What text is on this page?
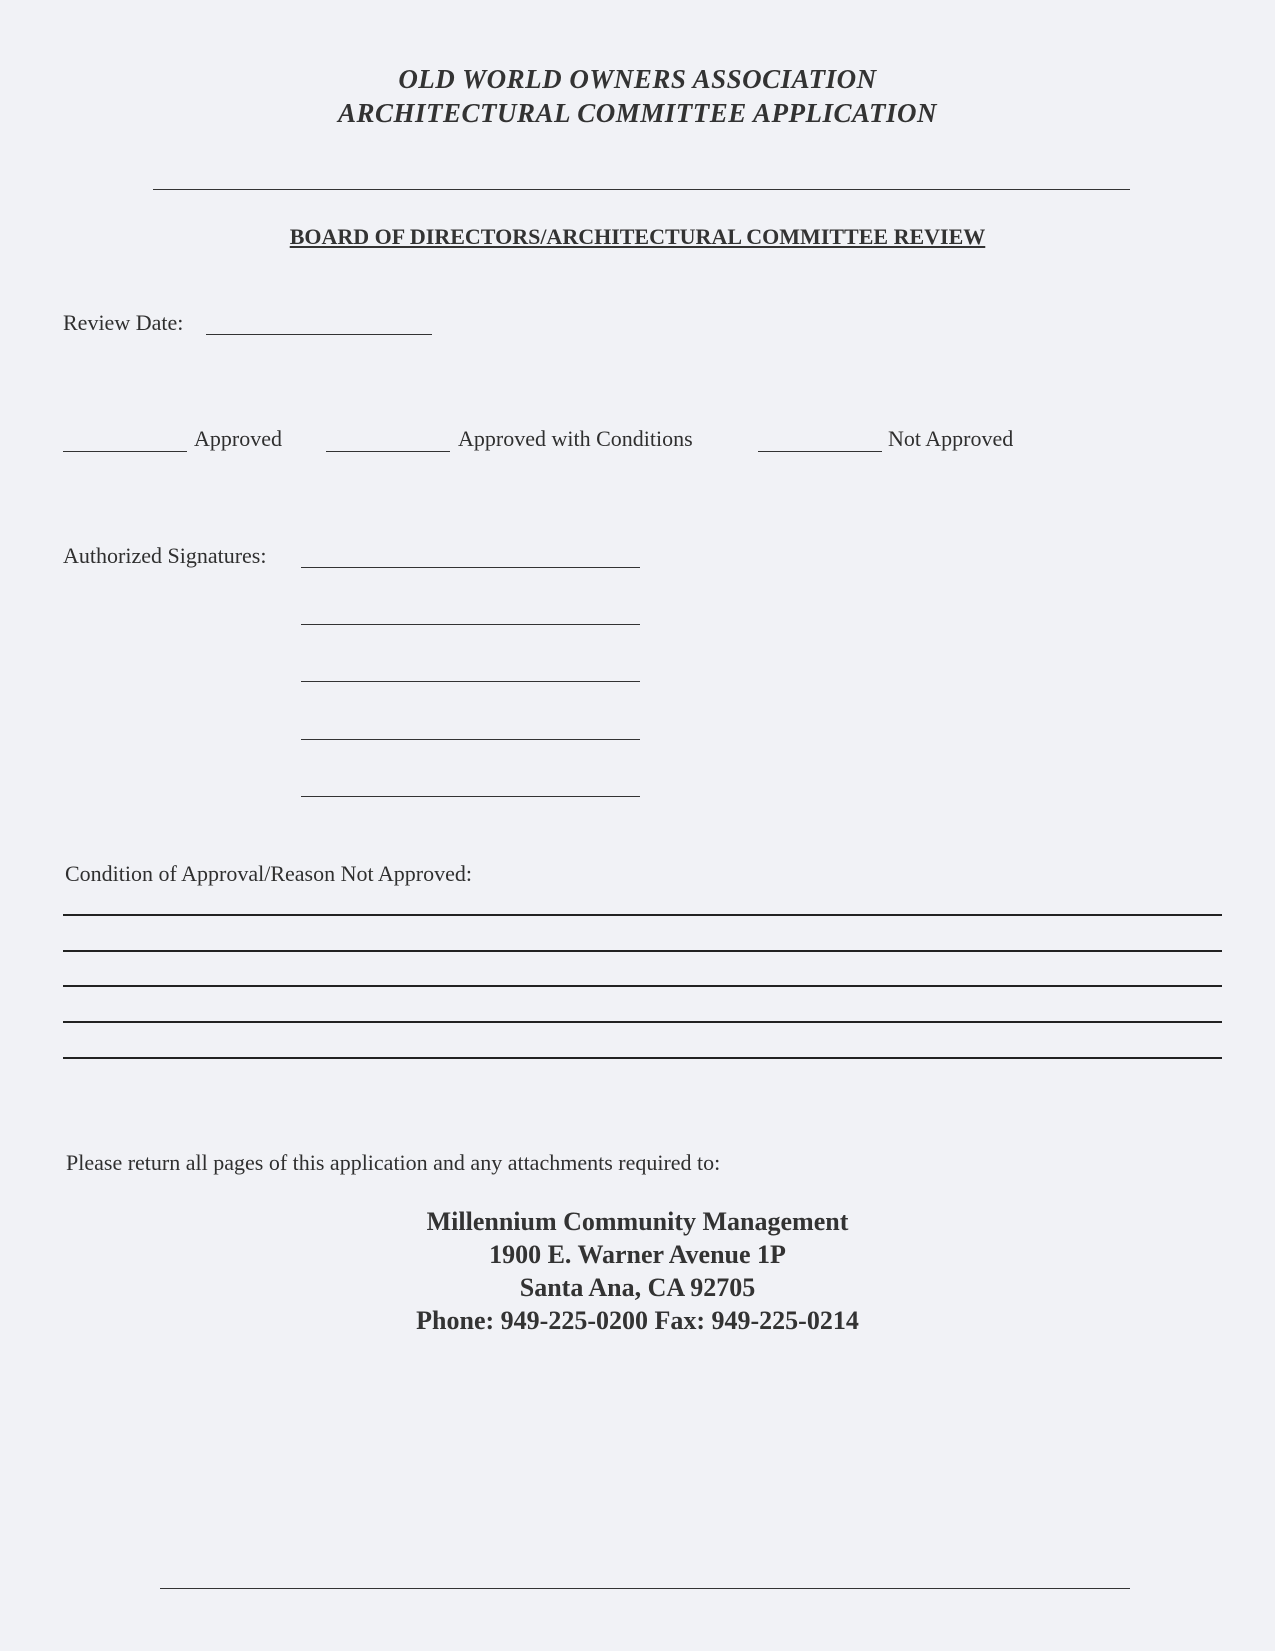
OLD WORLD OWNERS ASSOCIATION
ARCHITECTURAL COMMITTEE APPLICATION
BOARD OF DIRECTORS/ARCHITECTURAL COMMITTEE REVIEW
Review Date:
Approved	Approved with Conditions	Not Approved
Authorized Signatures:
Condition of Approval/Reason Not Approved:
Please return all pages of this application and any attachments required to:
Millennium Community Management
1900 E. Warner Avenue 1P
Santa Ana, CA 92705
Phone: 949-225-0200 Fax: 949-225-0214
